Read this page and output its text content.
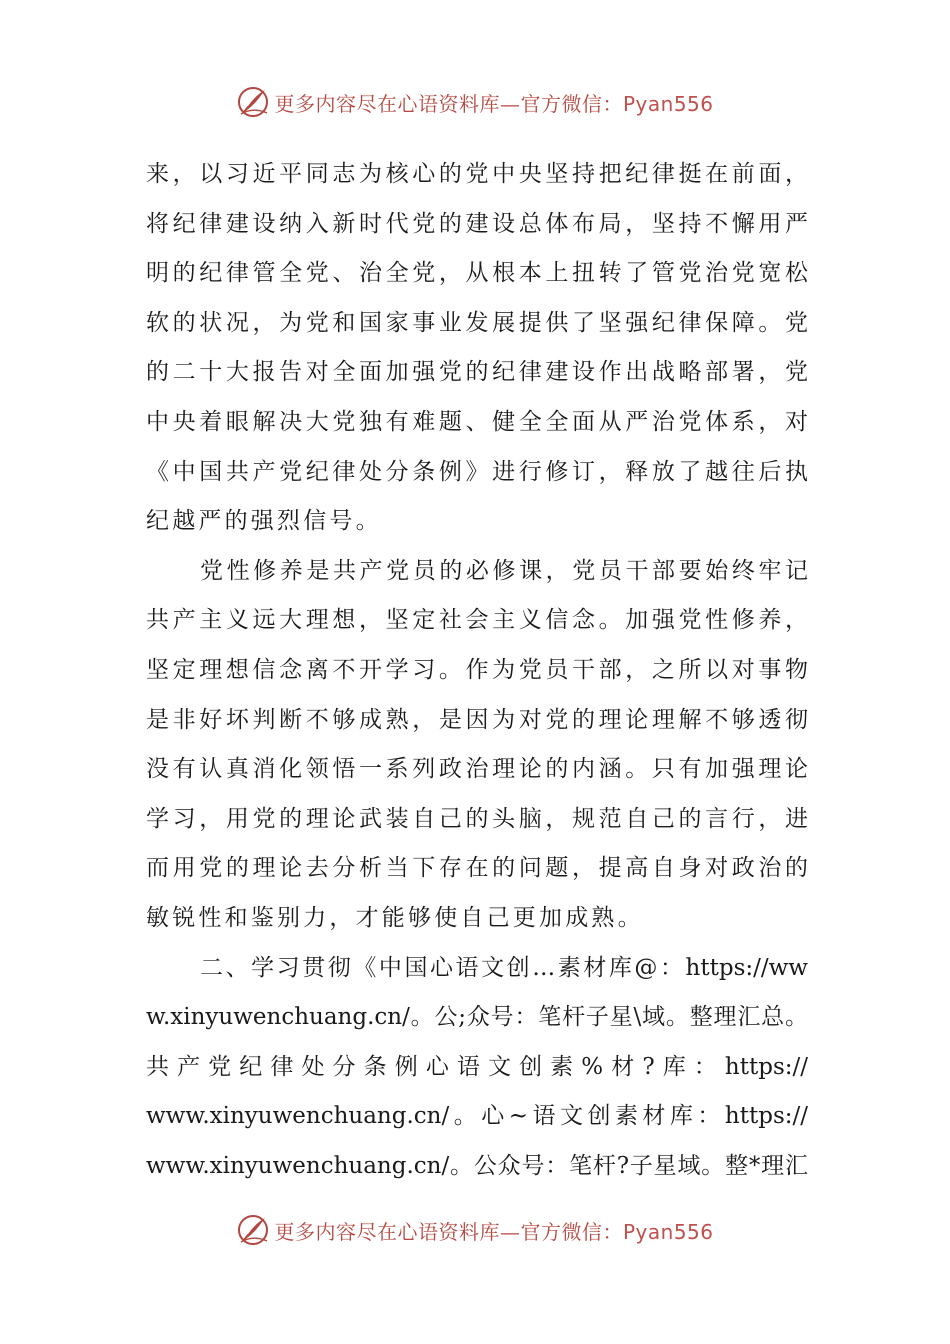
更多内容尽在心语资料库—官方微信：Pyan556
来，以习近平同志为核心的党中央坚持把纪律挺在前面，
将纪律建设纳入新时代党的建设总体布局，坚持不懈用严
明的纪律管全党、治全党，从根本上扭转了管党治党宽松
软的状况，为党和国家事业发展提供了坚强纪律保障。党
的二十大报告对全面加强党的纪律建设作出战略部署，党
中央着眼解决大党独有难题、健全全面从严治党体系，对
《中国共产党纪律处分条例》进行修订，释放了越往后执
纪越严的强烈信号。
党性修养是共产党员的必修课，党员干部要始终牢记
共产主义远大理想，坚定社会主义信念。加强党性修养，
坚定理想信念离不开学习。作为党员干部，之所以对事物
是非好坏判断不够成熟，是因为对党的理论理解不够透彻
没有认真消化领悟一系列政治理论的内涵。只有加强理论
学习，用党的理论武装自己的头脑，规范自己的言行，进
而用党的理论去分析当下存在的问题，提高自身对政治的
敏锐性和鉴别力，才能够使自己更加成熟。
二、学习贯彻《中国心语文创…素材库@：https://ww
w.xinyuwenchuang.cn/。公;众号：笔杆子星\域。整理汇总。
共产党纪律处分条例心语文创素%材?库：https://
www.xinyuwenchuang.cn/。心~语文创素材库：https://
www.xinyuwenchuang.cn/。公众号：笔杆?子星域。整*理汇
更多内容尽在心语资料库—官方微信：Pyan556
